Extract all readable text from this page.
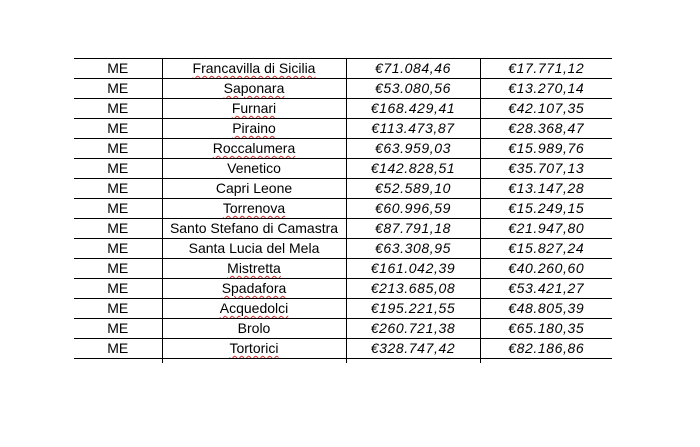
ME	Francavilla di Sicilia	€71.084,46	€17.771,12
ME	Saponara	€53.080,56	€13.270,14
ME	Furnari	€168.429,41	€42.107,35
ME	Piraino	€113.473,87	€28.368,47
ME	Roccalumera	€63.959,03	€15.989,76
ME	Venetico	€142.828,51	€35.707,13
ME	Capri Leone	€52.589,10	€13.147,28
ME	Torrenova	€60.996,59	€15.249,15
ME	Santo Stefano di Camastra	€87.791,18	€21.947,80
ME	Santa Lucia del Mela	€63.308,95	€15.827,24
ME	Mistretta	€161.042,39	€40.260,60
ME	Spadafora	€213.685,08	€53.421,27
ME	Acquedolci	€195.221,55	€48.805,39
ME	Brolo	€260.721,38	€65.180,35
ME	Tortorici	€328.747,42	€82.186,86
